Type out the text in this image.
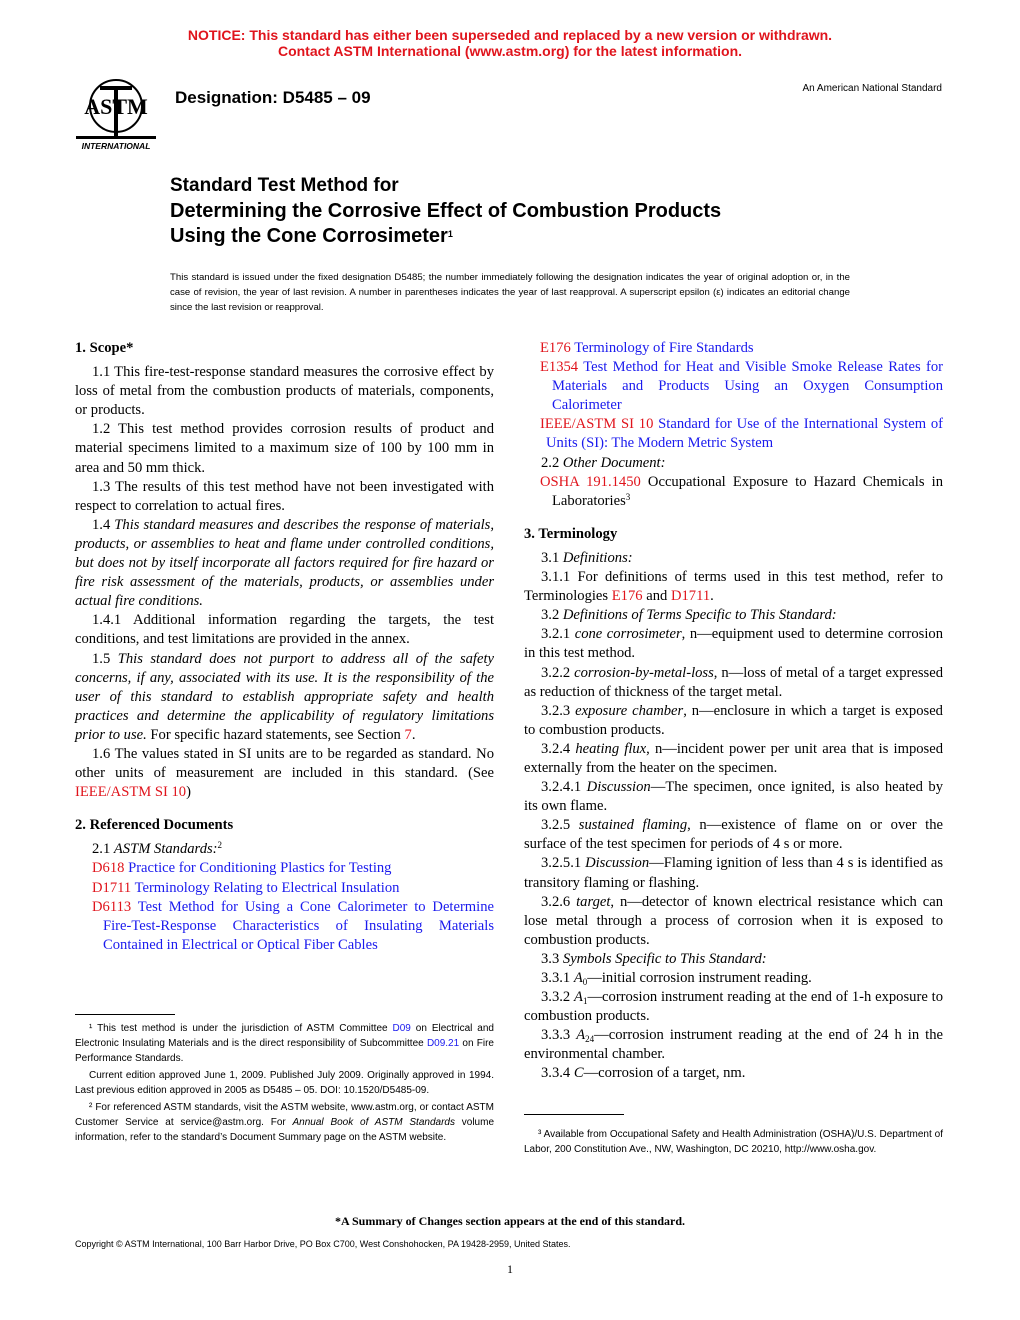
NOTICE: This standard has either been superseded and replaced by a new version or withdrawn.
Contact ASTM International (www.astm.org) for the latest information.
ASTM
INTERNATIONAL
Designation: D5485 – 09	An American National Standard
Standard Test Method for
Determining the Corrosive Effect of Combustion Products
Using the Cone Corrosimeter$^1$
This standard is issued under the fixed designation D5485; the number immediately following the designation indicates the year of original adoption or, in the case of revision, the year of last revision. A number in parentheses indicates the year of last reapproval. A superscript epsilon (ε) indicates an editorial change since the last revision or reapproval.
1. Scope*

1.1 This fire-test-response standard measures the corrosive effect by loss of metal from the combustion products of materials, components, or products.

1.2 This test method provides corrosion results of product and material specimens limited to a maximum size of 100 by 100 mm in area and 50 mm thick.

1.3 The results of this test method have not been investigated with respect to correlation to actual fires.

1.4 This standard measures and describes the response of materials, products, or assemblies to heat and flame under controlled conditions, but does not by itself incorporate all factors required for fire hazard or fire risk assessment of the materials, products, or assemblies under actual fire conditions.

1.4.1 Additional information regarding the targets, the test conditions, and test limitations are provided in the annex.

1.5 This standard does not purport to address all of the safety concerns, if any, associated with its use. It is the responsibility of the user of this standard to establish appropriate safety and health practices and determine the applicability of regulatory limitations prior to use. For specific hazard statements, see Section 7.

1.6 The values stated in SI units are to be regarded as standard. No other units of measurement are included in this standard. (See IEEE/ASTM SI 10)

2. Referenced Documents

2.1 ASTM Standards:$^2$

D618 Practice for Conditioning Plastics for Testing

D1711 Terminology Relating to Electrical Insulation

D6113 Test Method for Using a Cone Calorimeter to Determine Fire-Test-Response Characteristics of Insulating Materials Contained in Electrical or Optical Fiber Cables

¹ This test method is under the jurisdiction of ASTM Committee D09 on Electrical and Electronic Insulating Materials and is the direct responsibility of Subcommittee D09.21 on Fire Performance Standards.

Current edition approved June 1, 2009. Published July 2009. Originally approved in 1994. Last previous edition approved in 2005 as D5485 – 05. DOI: 10.1520/D5485-09.

² For referenced ASTM standards, visit the ASTM website, www.astm.org, or contact ASTM Customer Service at service@astm.org. For Annual Book of ASTM Standards volume information, refer to the standard’s Document Summary page on the ASTM website.

E176 Terminology of Fire Standards

E1354 Test Method for Heat and Visible Smoke Release Rates for Materials and Products Using an Oxygen Consumption Calorimeter

IEEE/ASTM SI 10 Standard for Use of the International System of Units (SI): The Modern Metric System

2.2 Other Document:

OSHA 191.1450 Occupational Exposure to Hazard Chemicals in Laboratories$^3$

3. Terminology

3.1 Definitions:

3.1.1 For definitions of terms used in this test method, refer to Terminologies E176 and D1711.

3.2 Definitions of Terms Specific to This Standard:

3.2.1 cone corrosimeter, n—equipment used to determine corrosion in this test method.

3.2.2 corrosion-by-metal-loss, n—loss of metal of a target expressed as reduction of thickness of the target metal.

3.2.3 exposure chamber, n—enclosure in which a target is exposed to combustion products.

3.2.4 heating flux, n—incident power per unit area that is imposed externally from the heater on the specimen.

3.2.4.1 Discussion—The specimen, once ignited, is also heated by its own flame.

3.2.5 sustained flaming, n—existence of flame on or over the surface of the test specimen for periods of 4 s or more.

3.2.5.1 Discussion—Flaming ignition of less than 4 s is identified as transitory flaming or flashing.

3.2.6 target, n—detector of known electrical resistance which can lose metal through a process of corrosion when it is exposed to combustion products.

3.3 Symbols Specific to This Standard:

3.3.1 $A_0—initial$ corrosion instrument reading.

3.3.2 $A_1—corrosion$ instrument reading at the end of 1-h exposure to combustion products.

3.3.3 $A_{24}—corrosion$ instrument reading at the end of 24 h in the environmental chamber.

3.3.4 C—corrosion of a target, nm.

³ Available from Occupational Safety and Health Administration (OSHA)/U.S. Department of Labor, 200 Constitution Ave., NW, Washington, DC 20210, http://www.osha.gov.

*A Summary of Changes section appears at the end of this standard.
Copyright © ASTM International, 100 Barr Harbor Drive, PO Box C700, West Conshohocken, PA 19428-2959, United States.
1
